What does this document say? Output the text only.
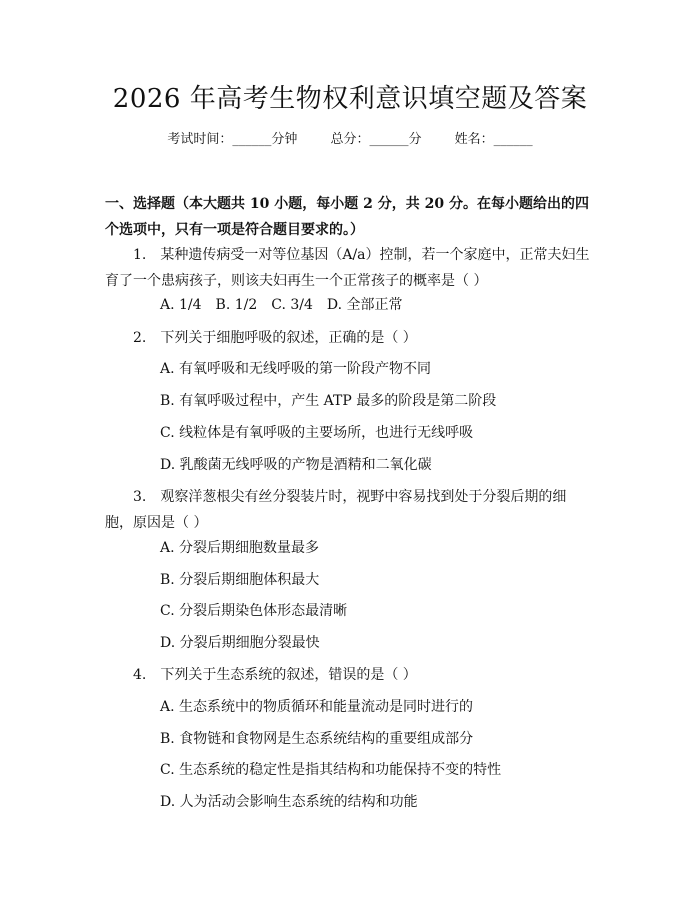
2026 年高考生物权利意识填空题及答案
考试时间：______分钟	总分：______分	姓名：______
一、选择题（本大题共 10 小题，每小题 2 分，共 20 分。在每小题给出的四个选项中，只有一项是符合题目要求的。）
1.　某种遗传病受一对等位基因（A/a）控制，若一个家庭中，正常夫妇生育了一个患病孩子，则该夫妇再生一个正常孩子的概率是（ ）
A. 1/4　B. 1/2　C. 3/4　D. 全部正常
2.　下列关于细胞呼吸的叙述，正确的是（ ）
A. 有氧呼吸和无线呼吸的第一阶段产物不同
B. 有氧呼吸过程中，产生 ATP 最多的阶段是第二阶段
C. 线粒体是有氧呼吸的主要场所，也进行无线呼吸
D. 乳酸菌无线呼吸的产物是酒精和二氧化碳
3.　观察洋葱根尖有丝分裂装片时，视野中容易找到处于分裂后期的细胞，原因是（ ）
A. 分裂后期细胞数量最多
B. 分裂后期细胞体积最大
C. 分裂后期染色体形态最清晰
D. 分裂后期细胞分裂最快
4.　下列关于生态系统的叙述，错误的是（ ）
A. 生态系统中的物质循环和能量流动是同时进行的
B. 食物链和食物网是生态系统结构的重要组成部分
C. 生态系统的稳定性是指其结构和功能保持不变的特性
D. 人为活动会影响生态系统的结构和功能
